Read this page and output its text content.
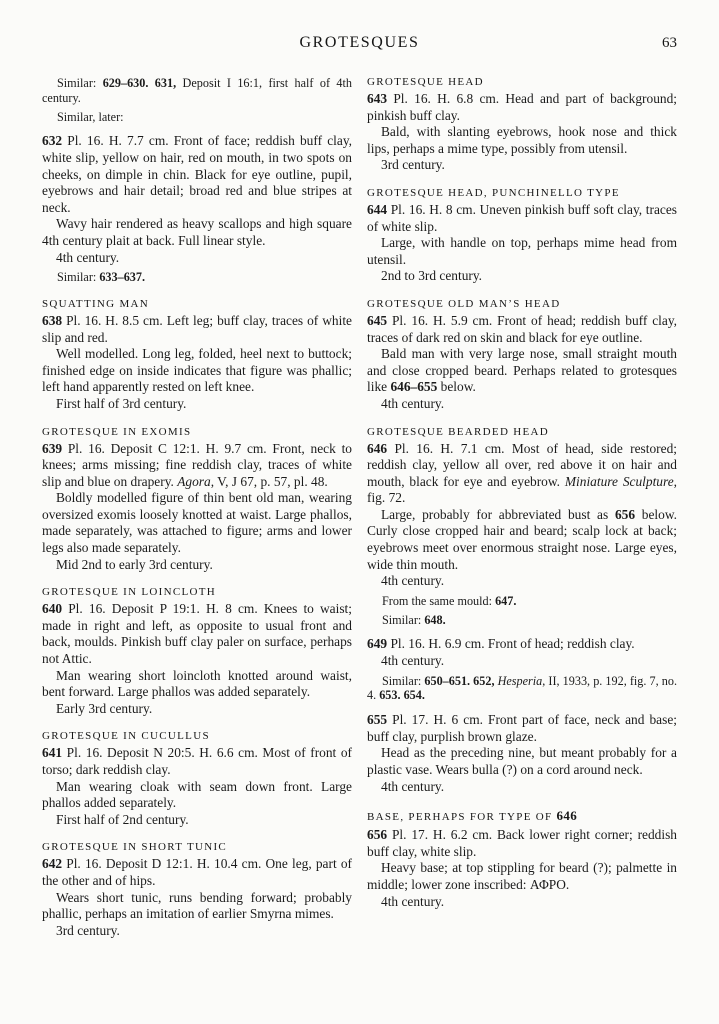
GROTESQUES	63

Similar: 629–630. 631, Deposit I 16:1, first half of 4th century.

Similar, later:

632 Pl. 16. H. 7.7 cm. Front of face; reddish buff clay, white slip, yellow on hair, red on mouth, in two spots on cheeks, on dimple in chin. Black for eye outline, pupil, eyebrows and hair detail; broad red and blue stripes at neck.

Wavy hair rendered as heavy scallops and high square 4th century plait at back. Full linear style.

4th century.

Similar: 633–637.

SQUATTING MAN

638 Pl. 16. H. 8.5 cm. Left leg; buff clay, traces of white slip and red.

Well modelled. Long leg, folded, heel next to buttock; finished edge on inside indicates that figure was phallic; left hand apparently rested on left knee.

First half of 3rd century.

GROTESQUE IN EXOMIS

639 Pl. 16. Deposit C 12:1. H. 9.7 cm. Front, neck to knees; arms missing; fine reddish clay, traces of white slip and blue on drapery. Agora, V, J 67, p. 57, pl. 48.

Boldly modelled figure of thin bent old man, wearing oversized exomis loosely knotted at waist. Large phallos, made separately, was attached to figure; arms and lower legs also made separately.

Mid 2nd to early 3rd century.

GROTESQUE IN LOINCLOTH

640 Pl. 16. Deposit P 19:1. H. 8 cm. Knees to waist; made in right and left, as opposite to usual front and back, moulds. Pinkish buff clay paler on surface, perhaps not Attic.

Man wearing short loincloth knotted around waist, bent forward. Large phallos was added separately.

Early 3rd century.

GROTESQUE IN CUCULLUS

641 Pl. 16. Deposit N 20:5. H. 6.6 cm. Most of front of torso; dark reddish clay.

Man wearing cloak with seam down front. Large phallos added separately.

First half of 2nd century.

GROTESQUE IN SHORT TUNIC

642 Pl. 16. Deposit D 12:1. H. 10.4 cm. One leg, part of the other and of hips.

Wears short tunic, runs bending forward; probably phallic, perhaps an imitation of earlier Smyrna mimes.

3rd century.

GROTESQUE HEAD

643 Pl. 16. H. 6.8 cm. Head and part of background; pinkish buff clay.

Bald, with slanting eyebrows, hook nose and thick lips, perhaps a mime type, possibly from utensil.

3rd century.

GROTESQUE HEAD, PUNCHINELLO TYPE

644 Pl. 16. H. 8 cm. Uneven pinkish buff soft clay, traces of white slip.

Large, with handle on top, perhaps mime head from utensil.

2nd to 3rd century.

GROTESQUE OLD MAN’S HEAD

645 Pl. 16. H. 5.9 cm. Front of head; reddish buff clay, traces of dark red on skin and black for eye outline.

Bald man with very large nose, small straight mouth and close cropped beard. Perhaps related to grotesques like 646–655 below.

4th century.

GROTESQUE BEARDED HEAD

646 Pl. 16. H. 7.1 cm. Most of head, side restored; reddish clay, yellow all over, red above it on hair and mouth, black for eye and eyebrow. Miniature Sculpture, fig. 72.

Large, probably for abbreviated bust as 656 below. Curly close cropped hair and beard; scalp lock at back; eyebrows meet over enormous straight nose. Large eyes, wide thin mouth.

4th century.

From the same mould: 647.

Similar: 648.

649 Pl. 16. H. 6.9 cm. Front of head; reddish clay.

4th century.

Similar: 650–651. 652, Hesperia, II, 1933, p. 192, fig. 7, no. 4. 653. 654.

655 Pl. 17. H. 6 cm. Front part of face, neck and base; buff clay, purplish brown glaze.

Head as the preceding nine, but meant probably for a plastic vase. Wears bulla (?) on a cord around neck.

4th century.

BASE, PERHAPS FOR TYPE OF 646

656 Pl. 17. H. 6.2 cm. Back lower right corner; reddish buff clay, white slip.

Heavy base; at top stippling for beard (?); palmette in middle; lower zone inscribed: ΑΦΡΟ.

4th century.
